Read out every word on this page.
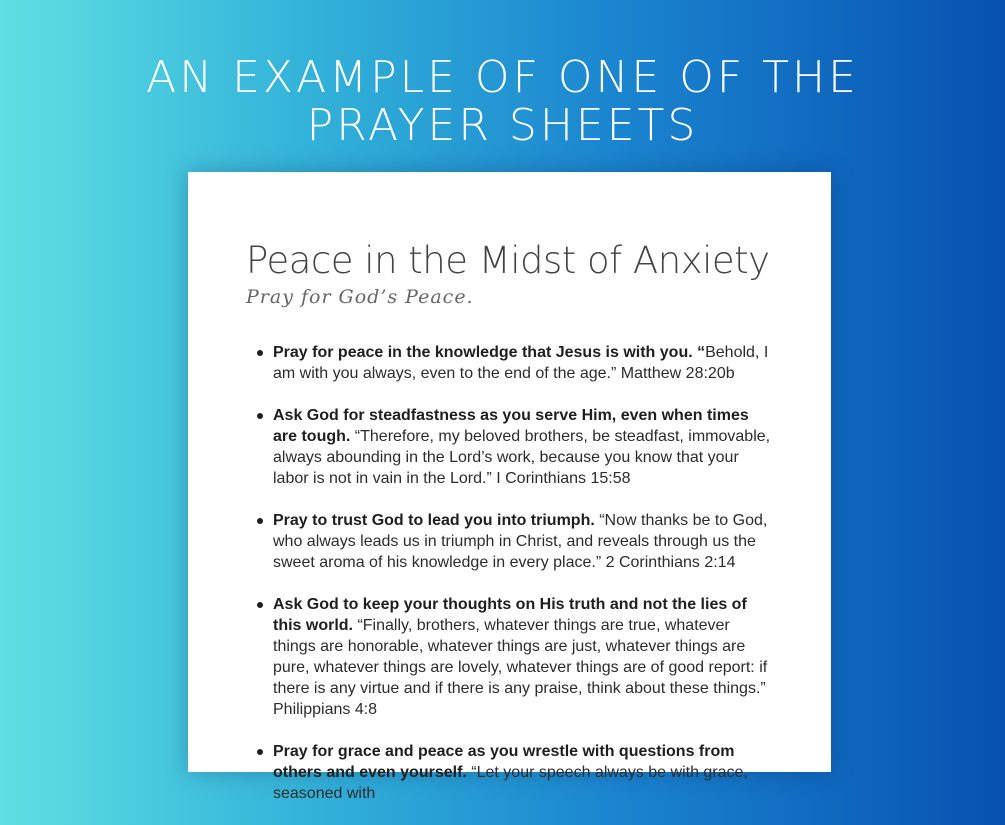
AN EXAMPLE OF ONE OF THE
PRAYER SHEETS
Peace in the Midst of Anxiety

Pray for God’s Peace.

Pray for peace in the knowledge that Jesus is with you. “Behold, I am with you always, even to the end of the age.” Matthew 28:20b
Ask God for steadfastness as you serve Him, even when times are tough. “Therefore, my beloved brothers, be steadfast, immovable, always abounding in the Lord’s work, because you know that your labor is not in vain in the Lord.” I Corinthians 15:58
Pray to trust God to lead you into triumph. “Now thanks be to God, who always leads us in triumph in Christ, and reveals through us the sweet aroma of his knowledge in every place.” 2 Corinthians 2:14
Ask God to keep your thoughts on His truth and not the lies of this world. “Finally, brothers, whatever things are true, whatever things are honorable, whatever things are just, whatever things are pure, whatever things are lovely, whatever things are of good report: if there is any virtue and if there is any praise, think about these things.” Philippians 4:8
Pray for grace and peace as you wrestle with questions from others and even yourself. “Let your speech always be with grace, seasoned with
